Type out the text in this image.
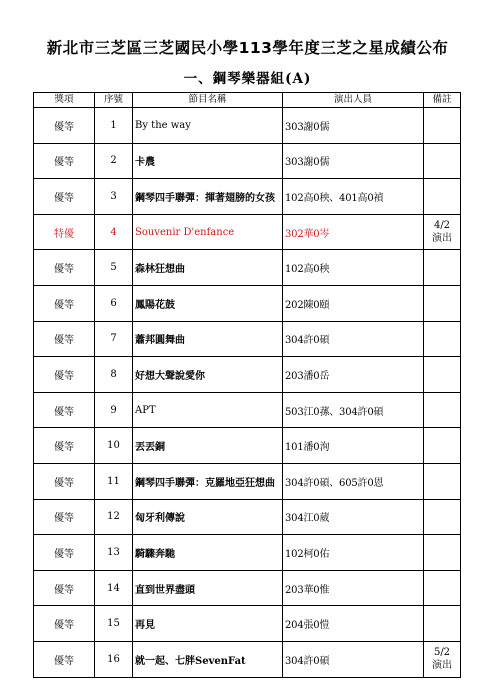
新北市三芝區三芝國民小學113學年度三芝之星成績公布
一、鋼琴樂器組(A)
獎項	序號	節目名稱	演出人員	備註
優等	1	By the way	303謝0儒	
優等	2	卡農	303謝0儒	
優等	3	鋼琴四手聯彈：揮著翅膀的女孩	102高0秧、401高0禎	
特優	4	Souvenir D'enfance	302華0岑	4/2
演出
優等	5	森林狂想曲	102高0秧	
優等	6	鳳陽花鼓	202陳0頤	
優等	7	蕭邦圓舞曲	304許0碩	
優等	8	好想大聲說愛你	203潘0岳	
優等	9	APT	503江0蓀、304許0碩	
優等	10	丟丟銅	101潘0洵	
優等	11	鋼琴四手聯彈：克羅地亞狂想曲	304許0碩、605許0恩	
優等	12	匈牙利傳說	304江0葳	
優等	13	騎驟奔馳	102柯0佑	
優等	14	直到世界盡頭	203華0惟	
優等	15	再見	204張0愷	
優等	16	就一起、七胖SevenFat	304許0碩	5/2
演出
